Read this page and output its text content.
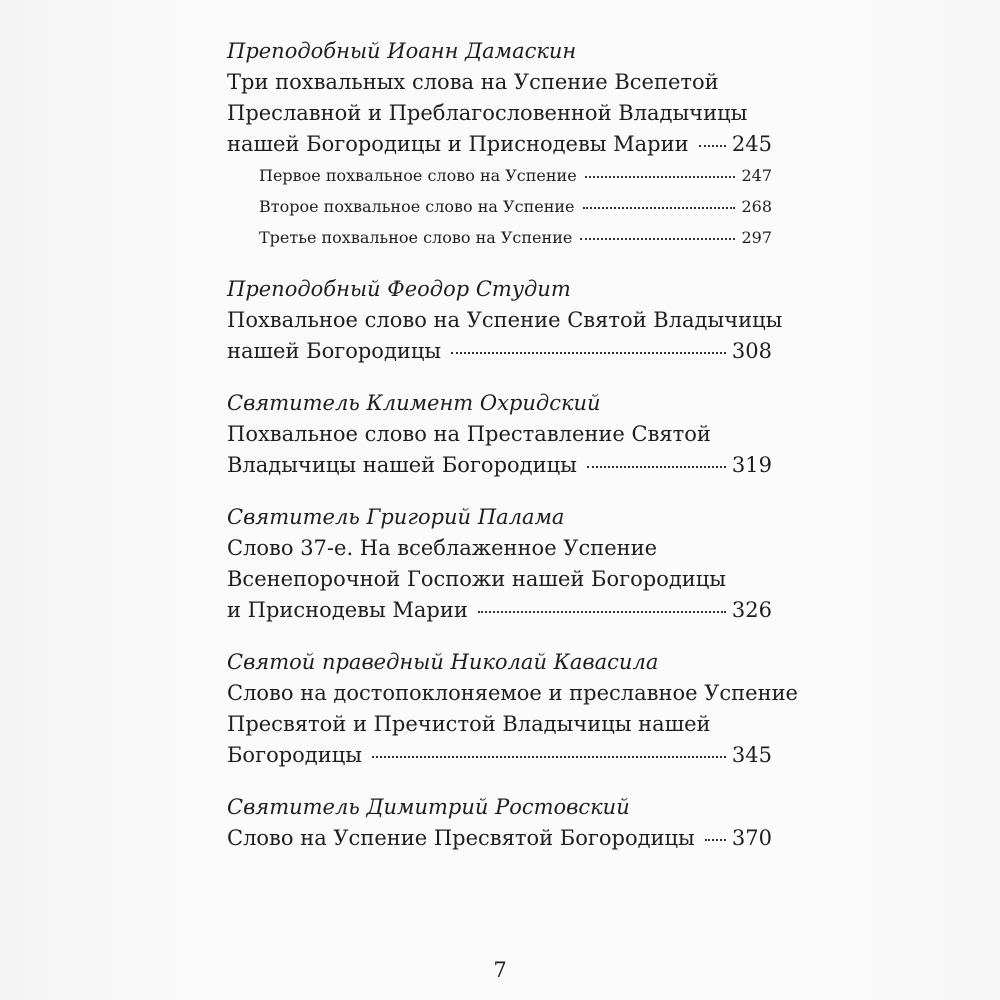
Преподобный Иоанн Дамаскин
Три похвальных слова на Успение Всепетой
Преславной и Преблагословенной Владычицы
нашей Богородицы и Приснодевы Марии 245
Первое похвальное слово на Успение	247
Второе похвальное слово на Успение	268
Третье похвальное слово на Успение	297
Преподобный Феодор Студит
Похвальное слово на Успение Святой Владычицы
нашей Богородицы	308
Святитель Климент Охридский
Похвальное слово на Преставление Святой
Владычицы нашей Богородицы	319
Святитель Григорий Палама
Слово 37-е. На всеблаженное Успение
Всенепорочной Госпожи нашей Богородицы
и Приснодевы Марии	326
Святой праведный Николай Кавасила
Слово на достопоклоняемое и преславное Успение
Пресвятой и Пречистой Владычицы нашей
Богородицы	345
Святитель Димитрий Ростовский
Слово на Успение Пресвятой Богородицы 370
7
